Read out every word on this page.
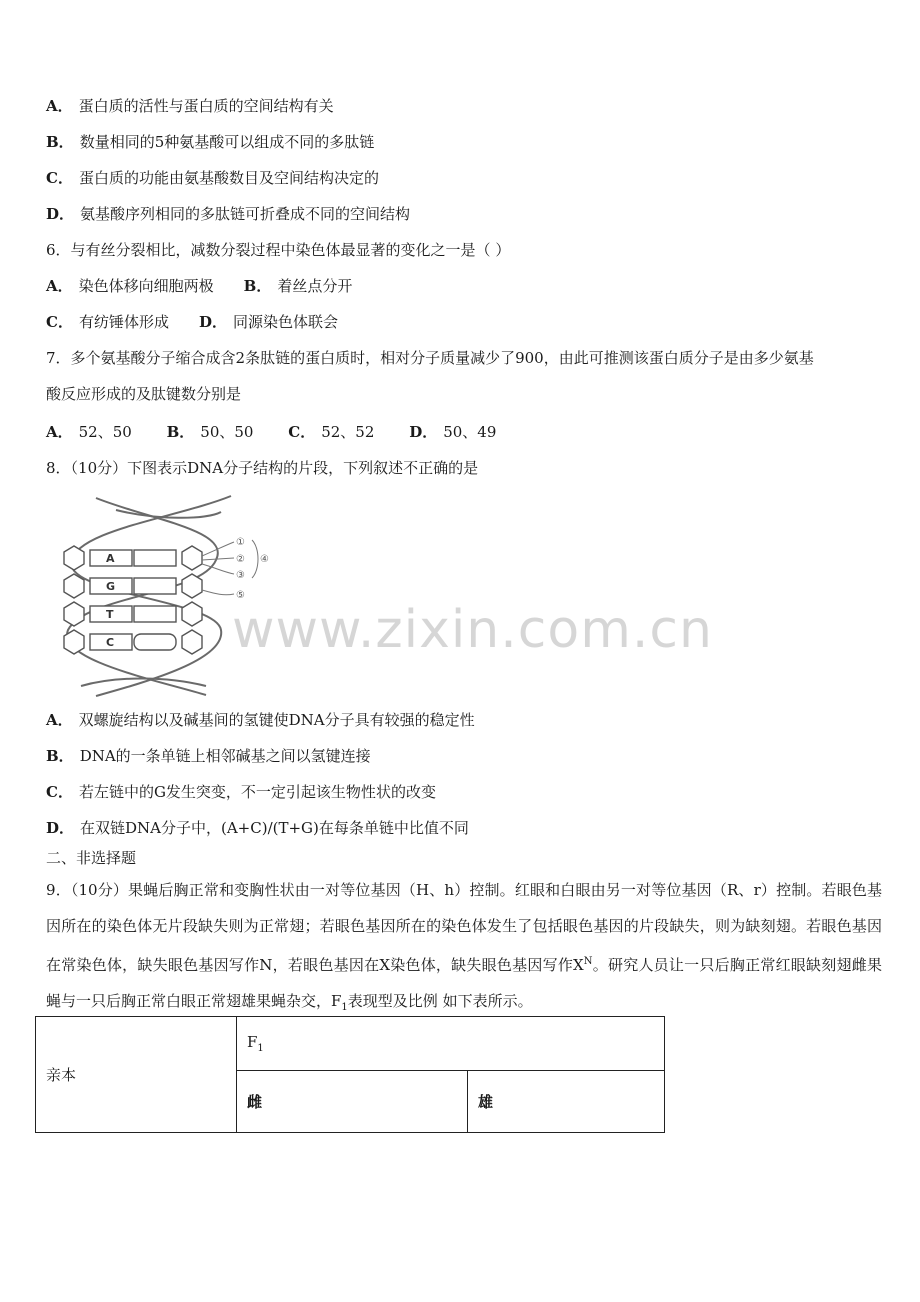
A． 蛋白质的活性与蛋白质的空间结构有关
B． 数量相同的5种氨基酸可以组成不同的多肽链
C． 蛋白质的功能由氨基酸数目及空间结构决定的
D． 氨基酸序列相同的多肽链可折叠成不同的空间结构
6．与有丝分裂相比，减数分裂过程中染色体最显著的变化之一是（ ）
A． 染色体移向细胞两极 B． 着丝点分开
C． 有纺锤体形成 D． 同源染色体联会
7．多个氨基酸分子缩合成含2条肽链的蛋白质时，相对分子质量减少了900，由此可推测该蛋白质分子是由多少氨基
酸反应形成的及肽键数分别是
A． 52、50 B． 50、50 C． 52、52 D． 50、49
8．（10分）下图表示DNA分子结构的片段，下列叙述不正确的是
A
G
T
C
①
②
③
⑤
④
www.zixin.com.cn
A． 双螺旋结构以及碱基间的氢键使DNA分子具有较强的稳定性
B． DNA的一条单链上相邻碱基之间以氢键连接
C． 若左链中的G发生突变，不一定引起该生物性状的改变
D． 在双链DNA分子中，(A+C)/(T+G)在每条单链中比值不同
二、非选择题
9．（10分）果蝇后胸正常和变胸性状由一对等位基因（H、h）控制。红眼和白眼由另一对等位基因（R、r）控制。若眼色基因所在的染色体无片段缺失则为正常翅；若眼色基因所在的染色体发生了包括眼色基因的片段缺失，则为缺刻翅。若眼色基因在常染色体，缺失眼色基因写作N，若眼色基因在X染色体，缺失眼色基因写作$X^N$。研究人员让一只后胸正常红眼缺刻翅雌果蝇与一只后胸正常白眼正常翅雄果蝇杂交，$F_1$表现型及比例 如下表所示。
亲本	$F_1$
	雌	雄
